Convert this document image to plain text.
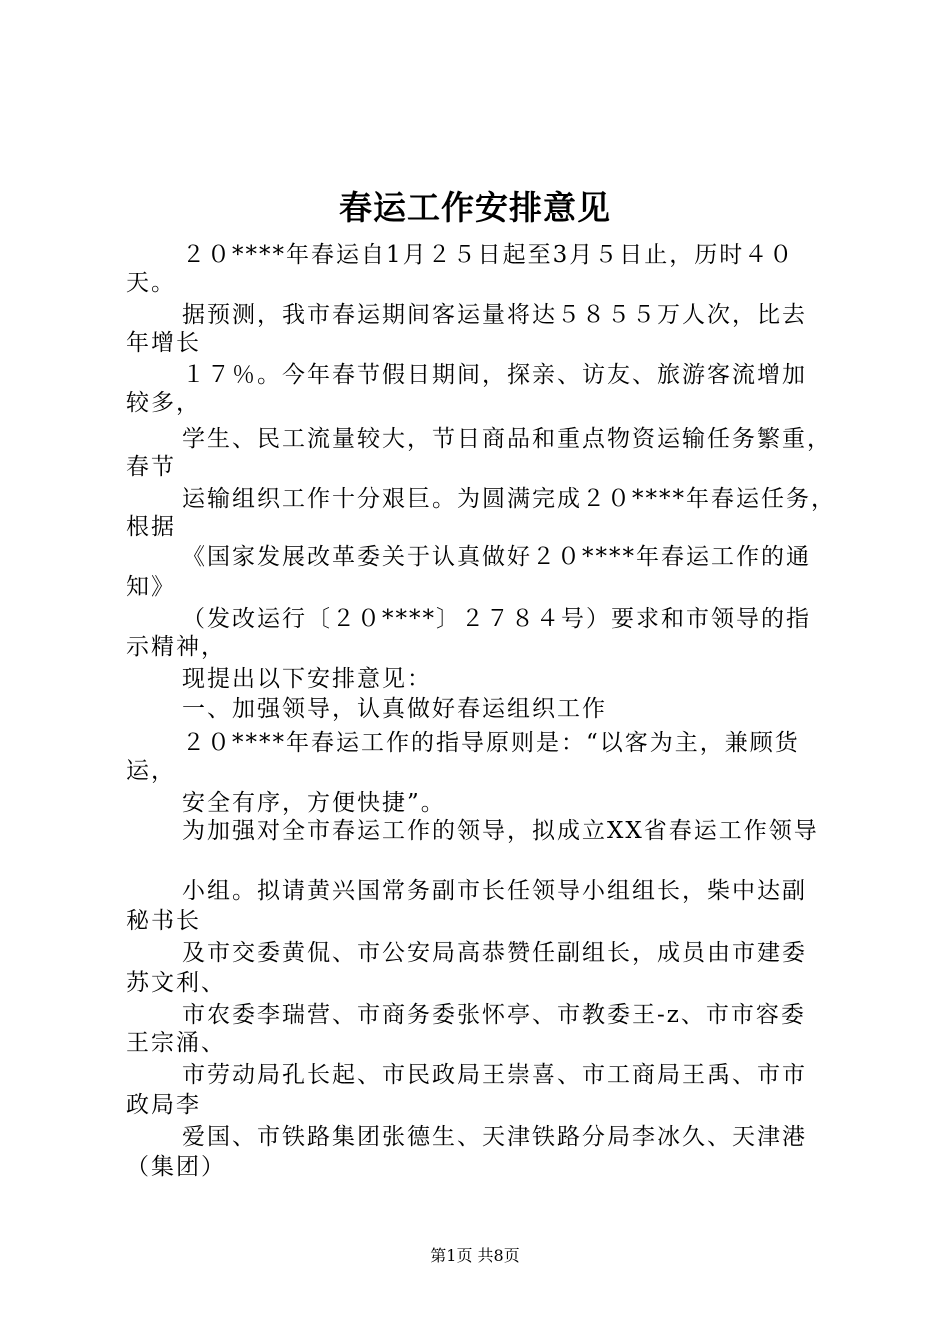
春运工作安排意见
２０****年春运自1月２５日起至3月５日止，历时４０
天。
据预测，我市春运期间客运量将达５８５５万人次，比去
年增长
１７％。今年春节假日期间，探亲、访友、旅游客流增加
较多，
学生、民工流量较大，节日商品和重点物资运输任务繁重，
春节
运输组织工作十分艰巨。为圆满完成２０****年春运任务，
根据
《国家发展改革委关于认真做好２０****年春运工作的通
知》
（发改运行〔２０****〕２７８４号）要求和市领导的指
示精神，
现提出以下安排意见：
一、加强领导，认真做好春运组织工作
２０****年春运工作的指导原则是：“以客为主，兼顾货
运，
安全有序，方便快捷”。
为加强对全市春运工作的领导，拟成立XX省春运工作领导
小组。拟请黄兴国常务副市长任领导小组组长，柴中达副
秘书长
及市交委黄侃、市公安局高恭赞任副组长，成员由市建委
苏文利、
市农委李瑞营、市商务委张怀亭、市教委王-z、市市容委
王宗涌、
市劳动局孔长起、市民政局王崇喜、市工商局王禹、市市
政局李
爱国、市铁路集团张德生、天津铁路分局李冰久、天津港
（集团）
第1页 共8页
